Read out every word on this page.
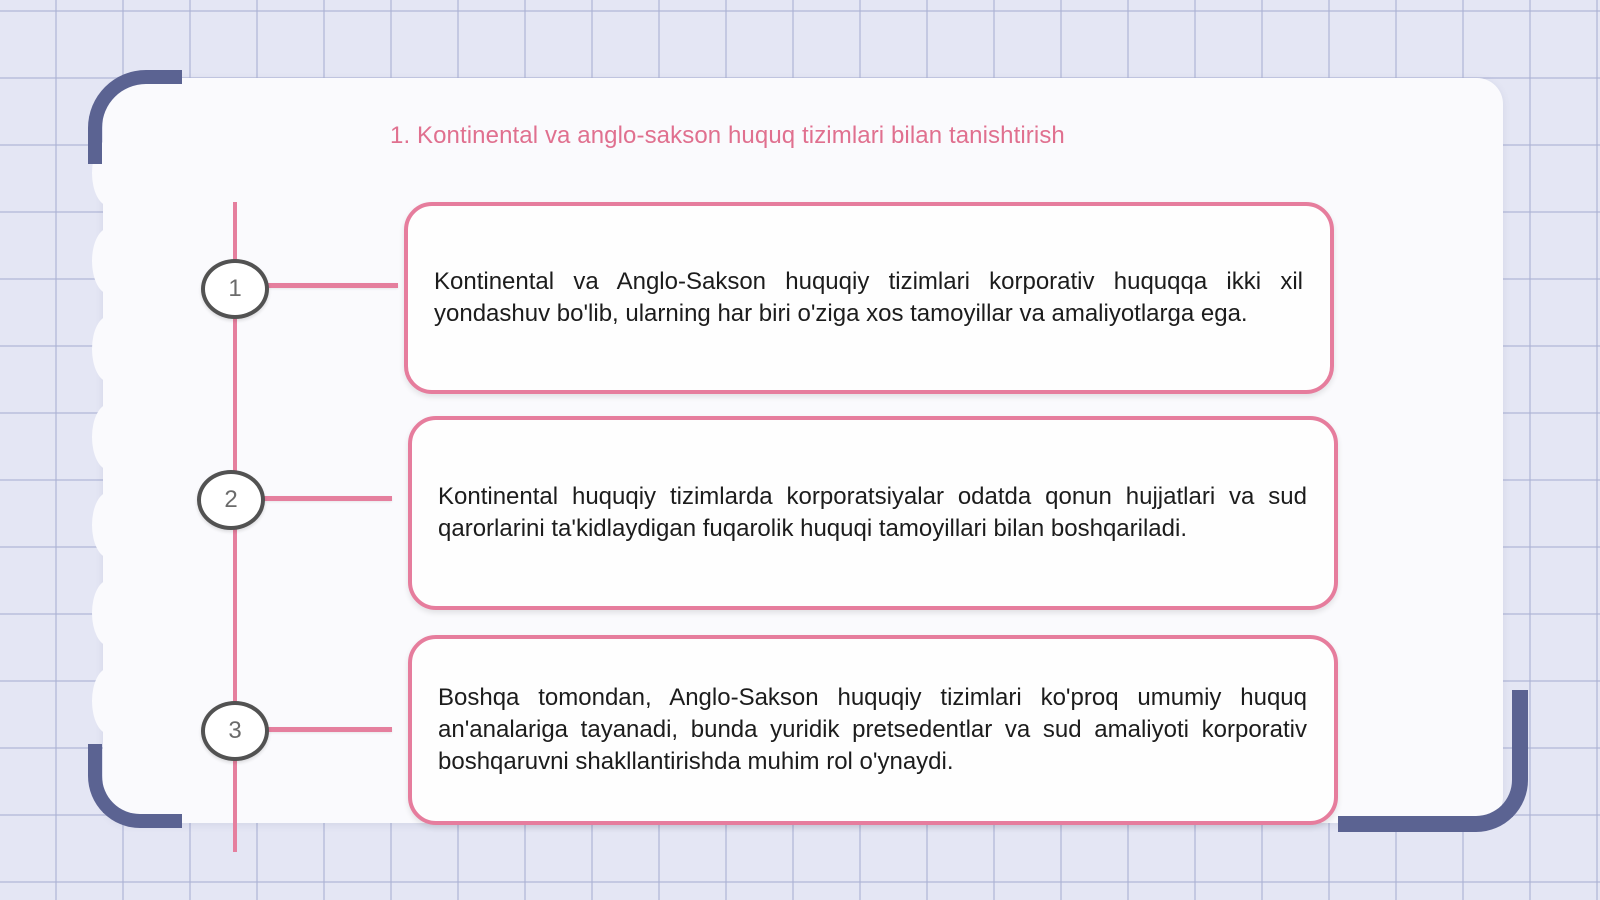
1. Kontinental va anglo-sakson huquq tizimlari bilan tanishtirish
1
2
3

Kontinental va Anglo-Sakson huquqiy tizimlari korporativ huquqqa ikki xil yondashuv bo'lib, ularning har biri o'ziga xos tamoyillar va amaliyotlarga ega.

Kontinental huquqiy tizimlarda korporatsiyalar odatda qonun hujjatlari va sud qarorlarini ta'kidlaydigan fuqarolik huquqi tamoyillari bilan boshqariladi.

Boshqa tomondan, Anglo-Sakson huquqiy tizimlari ko'proq umumiy huquq an'analariga tayanadi, bunda yuridik pretsedentlar va sud amaliyoti korporativ boshqaruvni shakllantirishda muhim rol o'ynaydi.
